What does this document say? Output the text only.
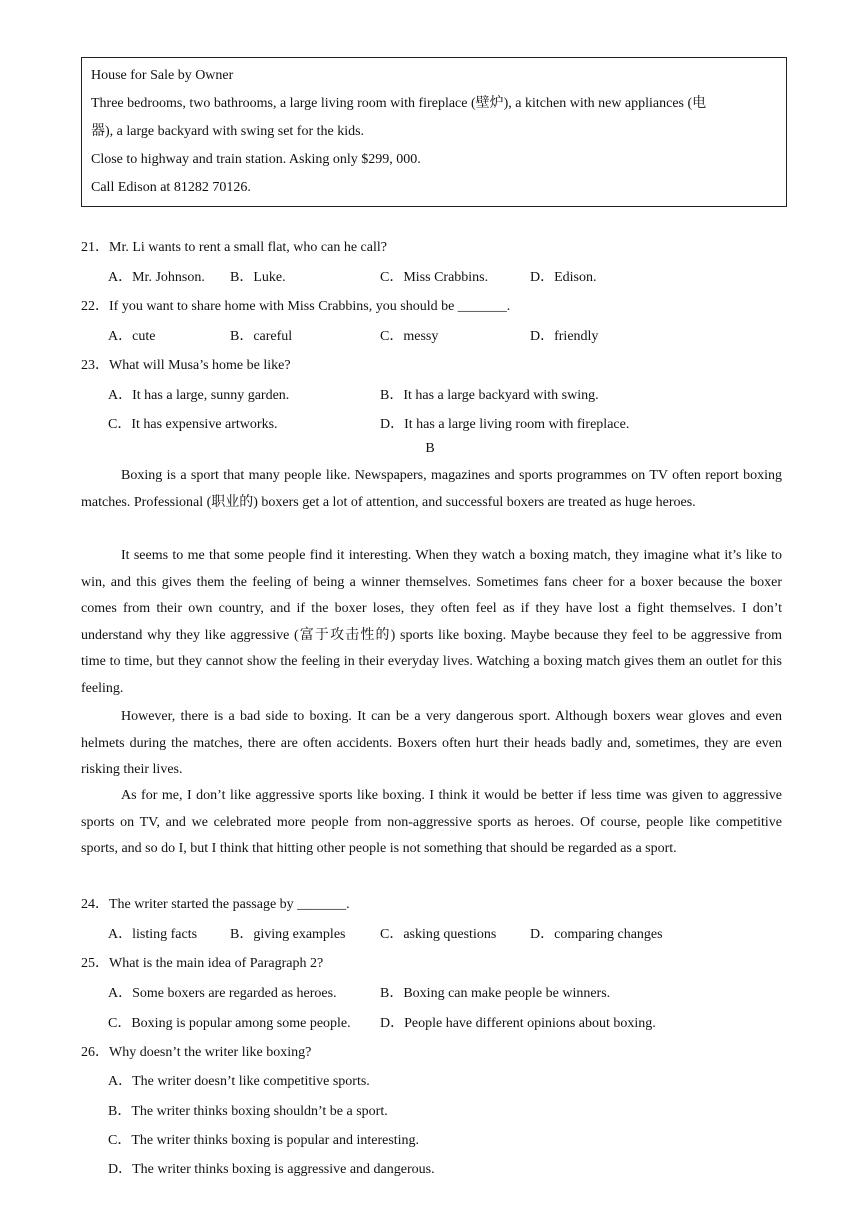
House for Sale by Owner
Three bedrooms, two bathrooms, a large living room with fireplace (壁炉), a kitchen with new appliances (电
器), a large backyard with swing set for the kids.
Close to highway and train station. Asking only $299, 000.
Call Edison at 81282 70126.
21．Mr. Li wants to rent a small flat, who can he call?
A．Mr. Johnson. B．Luke.	C．Miss Crabbins.	D．Edison.
22．If you want to share home with Miss Crabbins, you should be _______.
A．cute	B．careful	C．messy	D．friendly
23．What will Musa’s home be like?
A．It has a large, sunny garden.	B．It has a large backyard with swing.
C．It has expensive artworks.	D．It has a large living room with fireplace.
B
Boxing is a sport that many people like. Newspapers, magazines and sports programmes on TV often report boxing matches. Professional (职业的) boxers get a lot of attention, and successful boxers are treated as huge heroes.
It seems to me that some people find it interesting. When they watch a boxing match, they imagine what it’s like to win, and this gives them the feeling of being a winner themselves. Sometimes fans cheer for a boxer because the boxer comes from their own country, and if the boxer loses, they often feel as if they have lost a fight themselves. I don’t understand why they like aggressive (富于攻击性的) sports like boxing. Maybe because they feel to be aggressive from time to time, but they cannot show the feeling in their everyday lives. Watching a boxing match gives them an outlet for this feeling.
However, there is a bad side to boxing. It can be a very dangerous sport. Although boxers wear gloves and even helmets during the matches, there are often accidents. Boxers often hurt their heads badly and, sometimes, they are even risking their lives.
As for me, I don’t like aggressive sports like boxing. I think it would be better if less time was given to aggressive sports on TV, and we celebrated more people from non-aggressive sports as heroes. Of course, people like competitive sports, and so do I, but I think that hitting other people is not something that should be regarded as a sport.
24．The writer started the passage by _______.
A．listing facts B．giving examples C．asking questions D．comparing changes
25．What is the main idea of Paragraph 2?
A．Some boxers are regarded as heroes.	B．Boxing can make people be winners.
C．Boxing is popular among some people. D．People have different opinions about boxing.
26．Why doesn’t the writer like boxing?
A．The writer doesn’t like competitive sports.
B．The writer thinks boxing shouldn’t be a sport.
C．The writer thinks boxing is popular and interesting.
D．The writer thinks boxing is aggressive and dangerous.
